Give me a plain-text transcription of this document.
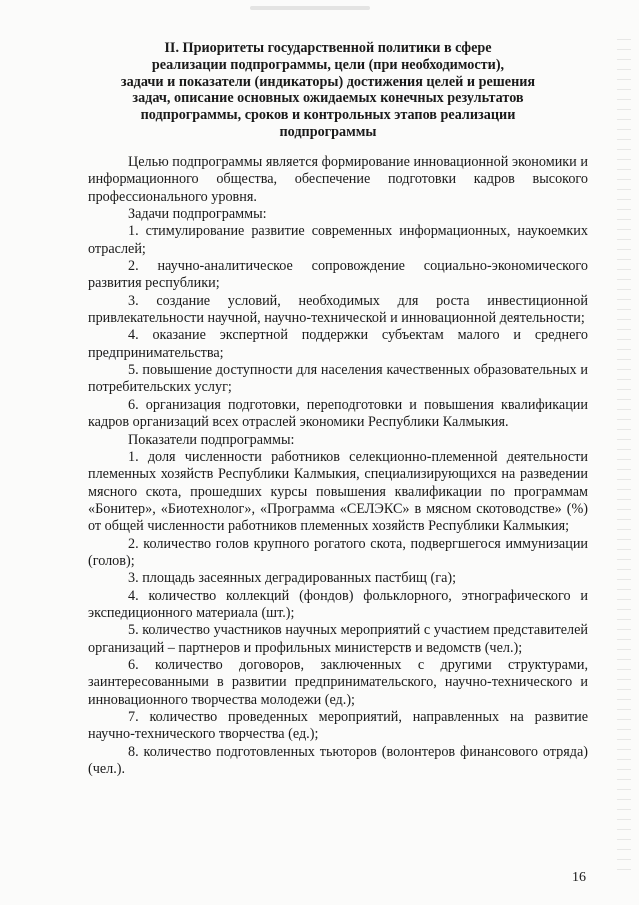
II. Приоритеты государственной политики в сфере
реализации подпрограммы, цели (при необходимости),
задачи и показатели (индикаторы) достижения целей и решения
задач, описание основных ожидаемых конечных результатов
подпрограммы, сроков и контрольных этапов реализации
подпрограммы

Целью подпрограммы является формирование инновационной экономики и информационного общества, обеспечение подготовки кадров высокого профессионального уровня.

Задачи подпрограммы:

1. стимулирование развитие современных информационных, наукоемких отраслей;

2. научно-аналитическое сопровождение социально-экономического развития республики;

3. создание условий, необходимых для роста инвестиционной привлекательности научной, научно-технической и инновационной деятельности;

4. оказание экспертной поддержки субъектам малого и среднего предпринимательства;

5. повышение доступности для населения качественных образовательных и потребительских услуг;

6. организация подготовки, переподготовки и повышения квалификации кадров организаций всех отраслей экономики Республики Калмыкия.

Показатели подпрограммы:

1. доля численности работников селекционно-племенной деятельности племенных хозяйств Республики Калмыкия, специализирующихся на разведении мясного скота, прошедших курсы повышения квалификации по программам «Бонитер», «Биотехнолог», «Программа «СЕЛЭКС» в мясном скотоводстве» (%) от общей численности работников племенных хозяйств Республики Калмыкия;

2. количество голов крупного рогатого скота, подвергшегося иммунизации (голов);

3. площадь засеянных деградированных пастбищ (га);

4. количество коллекций (фондов) фольклорного, этнографического и экспедиционного материала (шт.);

5. количество участников научных мероприятий с участием представителей организаций – партнеров и профильных министерств и ведомств (чел.);

6. количество договоров, заключенных с другими структурами, заинтересованными в развитии предпринимательского, научно-технического и инновационного творчества молодежи (ед.);

7. количество проведенных мероприятий, направленных на развитие научно-технического творчества (ед.);

8. количество подготовленных тьюторов (волонтеров финансового отряда) (чел.).

16
